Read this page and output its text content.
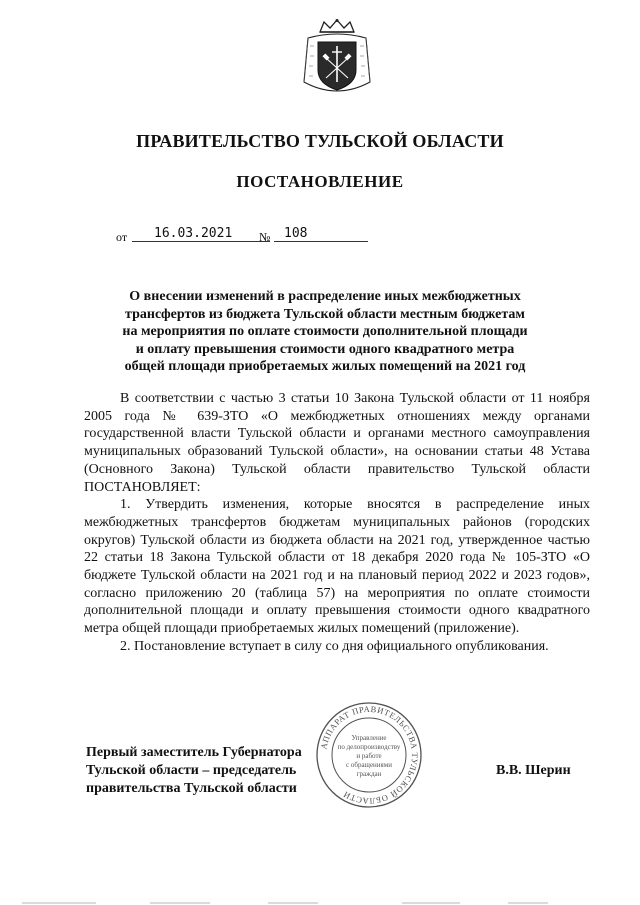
ПРАВИТЕЛЬСТВО ТУЛЬСКОЙ ОБЛАСТИ
ПОСТАНОВЛЕНИЕ
от	16.03.2021	№	108
О внесении изменений в распределение иных межбюджетных
трансфертов из бюджета Тульской области местным бюджетам
на мероприятия по оплате стоимости дополнительной площади
и оплату превышения стоимости одного квадратного метра
общей площади приобретаемых жилых помещений на 2021 год

В соответствии с частью 3 статьи 10 Закона Тульской области от 11 ноября 2005 года № 639-ЗТО «О межбюджетных отношениях между органами государственной власти Тульской области и органами местного самоуправления муниципальных образований Тульской области», на основании статьи 48 Устава (Основного Закона) Тульской области правительство Тульской области ПОСТАНОВЛЯЕТ:

1. Утвердить изменения, которые вносятся в распределение иных межбюджетных трансфертов бюджетам муниципальных районов (городских округов) Тульской области из бюджета области на 2021 год, утвержденное частью 22 статьи 18 Закона Тульской области от 18 декабря 2020 года № 105-ЗТО «О бюджете Тульской области на 2021 год и на плановый период 2022 и 2023 годов», согласно приложению 20 (таблица 57) на мероприятия по оплате стоимости дополнительной площади и оплату превышения стоимости одного квадратного метра общей площади приобретаемых жилых помещений (приложение).

2. Постановление вступает в силу со дня официального опубликования.

Первый заместитель Губернатора
Тульской области – председатель
правительства Тульской области
В.В. Шерин
АППАРАТ ПРАВИТЕЛЬСТВА ТУЛЬСКОЙ ОБЛАСТИ
Управление
по делопроизводству
и работе
с обращениями
граждан
